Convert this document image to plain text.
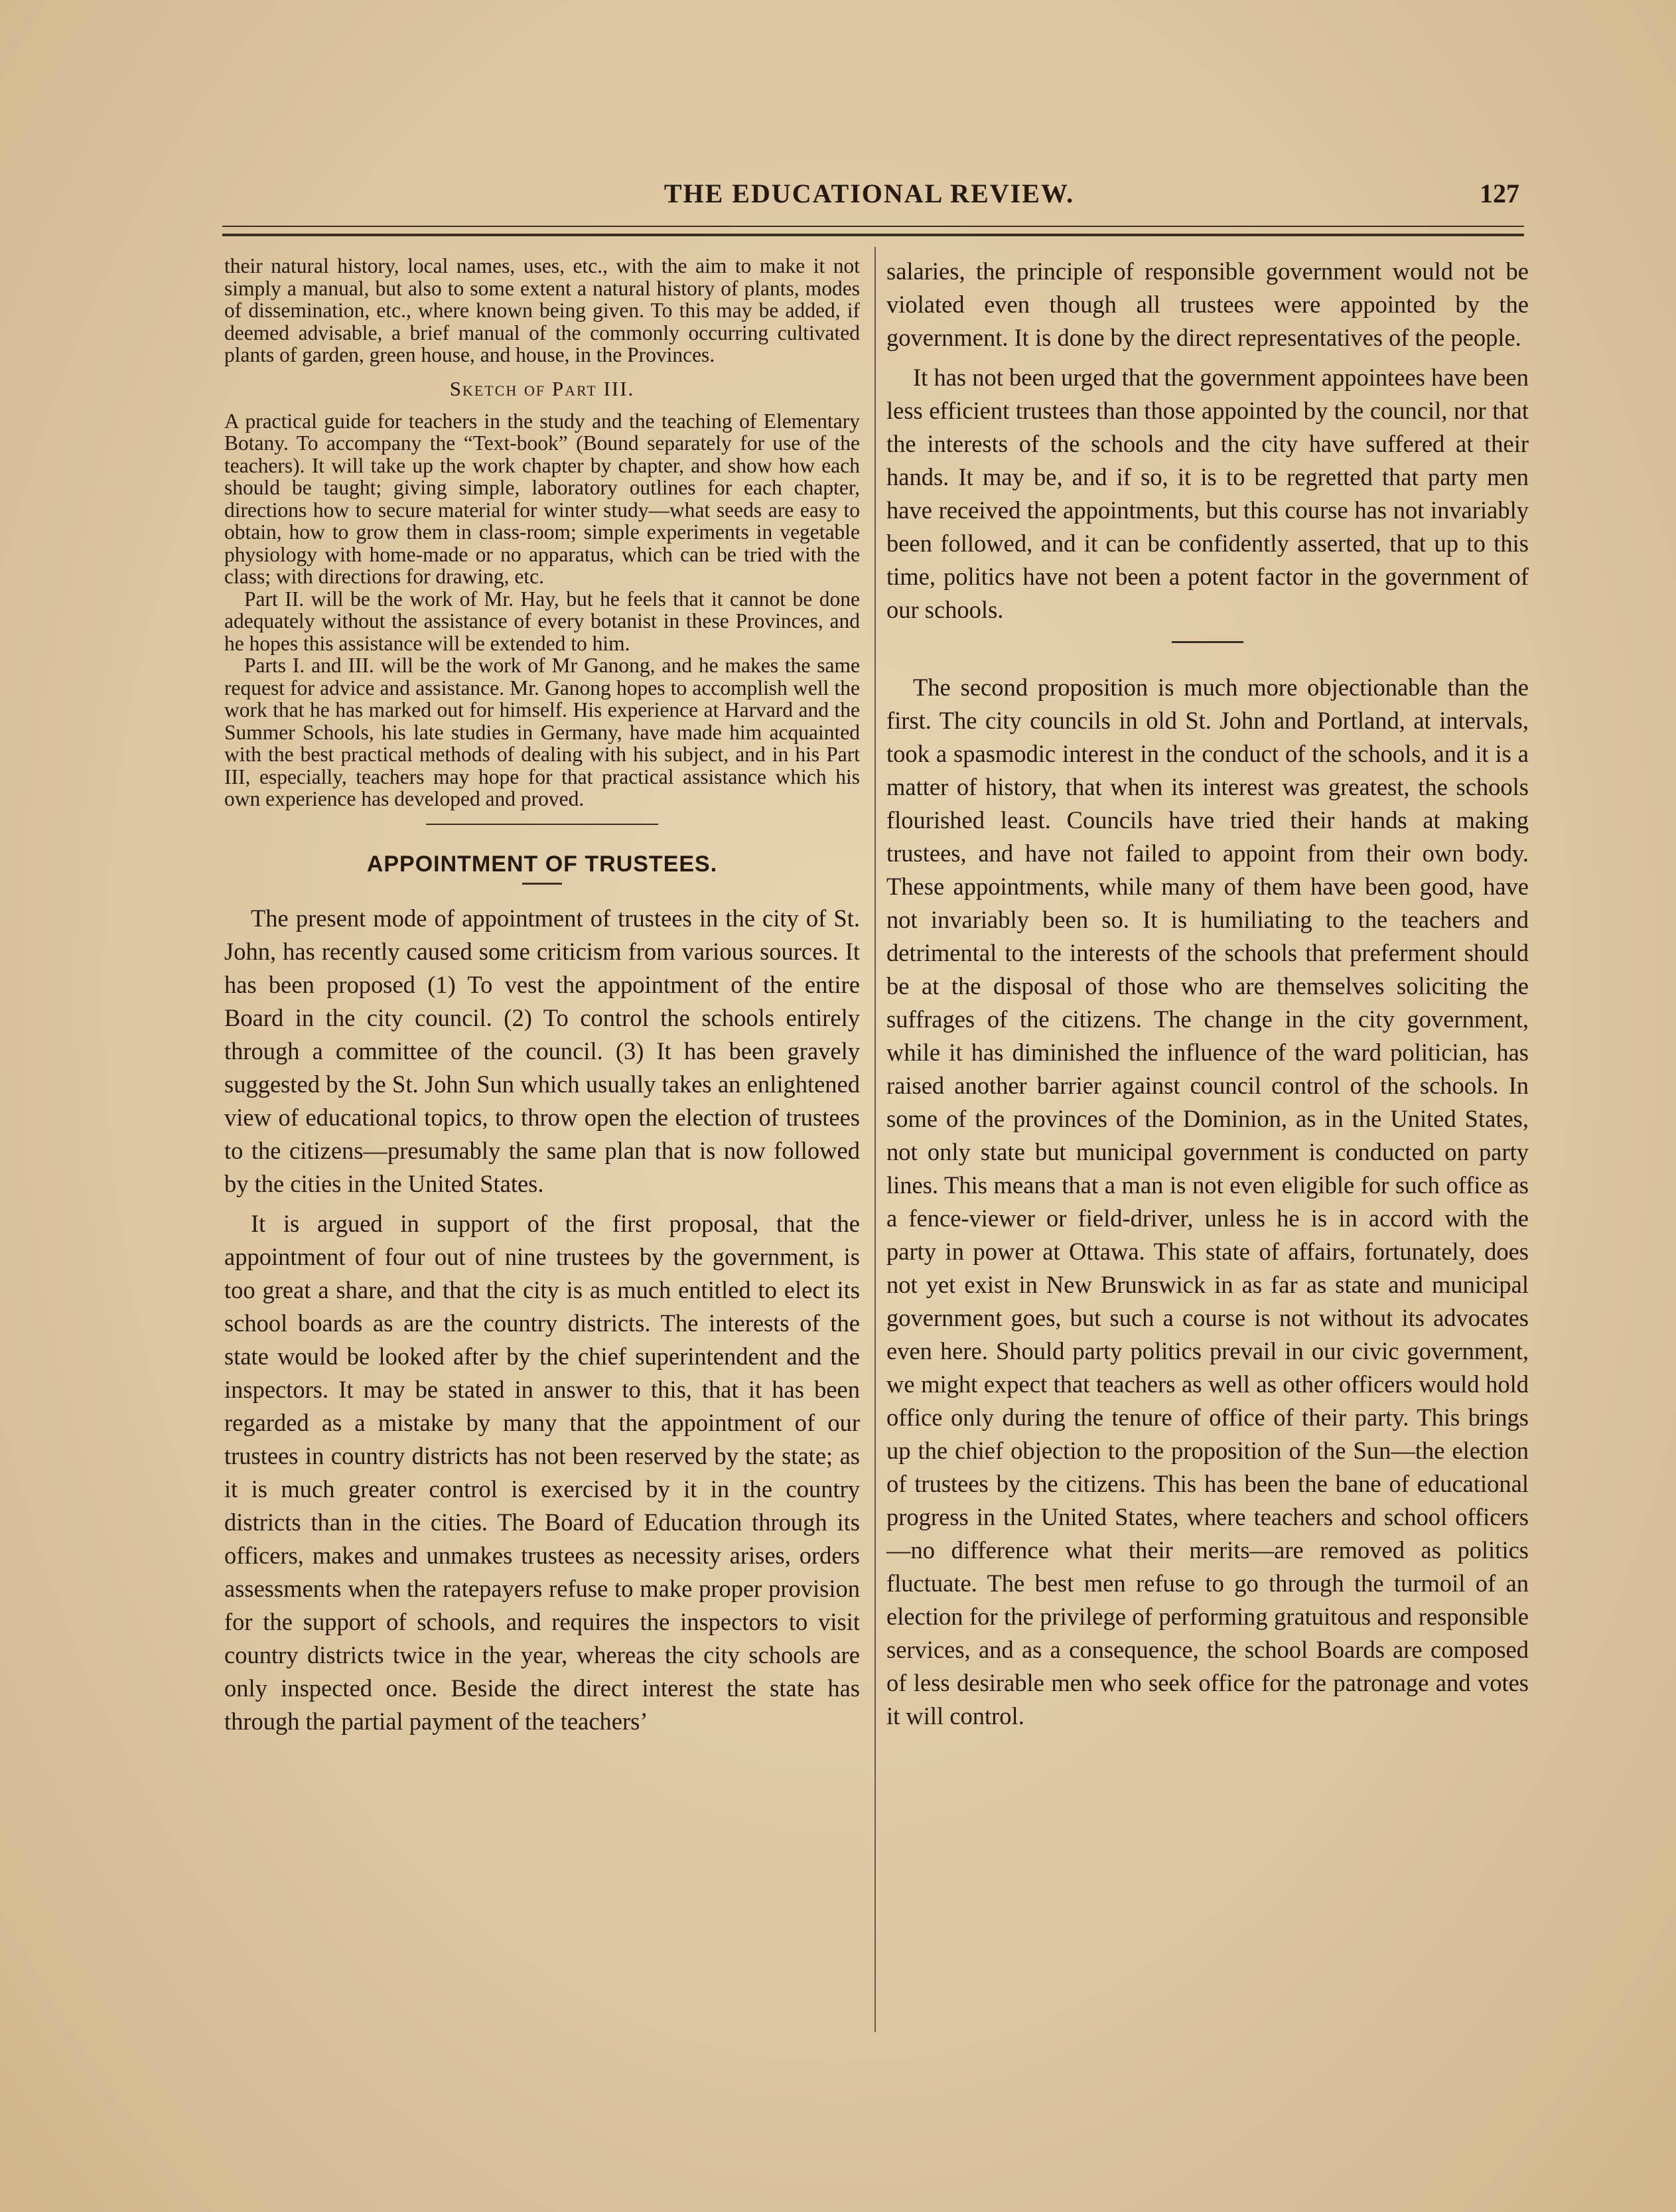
THE EDUCATIONAL REVIEW.	127

their natural history, local names, uses, etc., with the aim to make it not simply a manual, but also to some extent a natural history of plants, modes of dissemination, etc., where known being given. To this may be added, if deemed advisable, a brief manual of the commonly occurring cultivated plants of garden, green house, and house, in the Provinces.

Sketch of Part III.

A practical guide for teachers in the study and the teaching of Elementary Botany. To accompany the “Text-book” (Bound separately for use of the teachers). It will take up the work chapter by chapter, and show how each should be taught; giving simple, laboratory outlines for each chapter, directions how to secure material for winter study—what seeds are easy to obtain, how to grow them in class-room; simple experiments in vegetable physiology with home-made or no apparatus, which can be tried with the class; with directions for drawing, etc.

Part II. will be the work of Mr. Hay, but he feels that it cannot be done adequately without the assistance of every botanist in these Provinces, and he hopes this assistance will be extended to him.

Parts I. and III. will be the work of Mr Ganong, and he makes the same request for advice and assistance. Mr. Ganong hopes to accomplish well the work that he has marked out for himself. His experience at Harvard and the Summer Schools, his late studies in Germany, have made him acquainted with the best practical methods of dealing with his subject, and in his Part III, especially, teachers may hope for that practical assistance which his own experience has developed and proved.

APPOINTMENT OF TRUSTEES.

The present mode of appointment of trustees in the city of St. John, has recently caused some criticism from various sources. It has been proposed (1) To vest the appointment of the entire Board in the city council. (2) To control the schools entirely through a committee of the council. (3) It has been gravely suggested by the St. John Sun which usually takes an enlightened view of educational topics, to throw open the election of trustees to the citizens—presumably the same plan that is now followed by the cities in the United States.

It is argued in support of the first proposal, that the appointment of four out of nine trustees by the government, is too great a share, and that the city is as much entitled to elect its school boards as are the country districts. The interests of the state would be looked after by the chief superintendent and the inspectors. It may be stated in answer to this, that it has been regarded as a mistake by many that the appointment of our trustees in country districts has not been reserved by the state; as it is much greater control is exercised by it in the country districts than in the cities. The Board of Education through its officers, makes and unmakes trustees as necessity arises, orders assessments when the ratepayers refuse to make proper provision for the support of schools, and requires the inspectors to visit country districts twice in the year, whereas the city schools are only inspected once. Beside the direct interest the state has through the partial payment of the teachers’

salaries, the principle of responsible government would not be violated even though all trustees were appointed by the government. It is done by the direct representatives of the people.

It has not been urged that the government appointees have been less efficient trustees than those appointed by the council, nor that the interests of the schools and the city have suffered at their hands. It may be, and if so, it is to be regretted that party men have received the appointments, but this course has not invariably been followed, and it can be confidently asserted, that up to this time, politics have not been a potent factor in the government of our schools.

The second proposition is much more objectionable than the first. The city councils in old St. John and Portland, at intervals, took a spasmodic interest in the conduct of the schools, and it is a matter of history, that when its interest was greatest, the schools flourished least. Councils have tried their hands at making trustees, and have not failed to appoint from their own body. These appointments, while many of them have been good, have not invariably been so. It is humiliating to the teachers and detrimental to the interests of the schools that preferment should be at the disposal of those who are themselves soliciting the suffrages of the citizens. The change in the city government, while it has diminished the influence of the ward politician, has raised another barrier against council control of the schools. In some of the provinces of the Dominion, as in the United States, not only state but municipal government is conducted on party lines. This means that a man is not even eligible for such office as a fence-viewer or field-driver, unless he is in accord with the party in power at Ottawa. This state of affairs, fortunately, does not yet exist in New Brunswick in as far as state and municipal government goes, but such a course is not without its advocates even here. Should party politics prevail in our civic government, we might expect that teachers as well as other officers would hold office only during the tenure of office of their party. This brings up the chief objection to the proposition of the Sun—the election of trustees by the citizens. This has been the bane of educational progress in the United States, where teachers and school officers—no difference what their merits—are removed as politics fluctuate. The best men refuse to go through the turmoil of an election for the privilege of performing gratuitous and responsible services, and as a consequence, the school Boards are composed of less desirable men who seek office for the patronage and votes it will control.
